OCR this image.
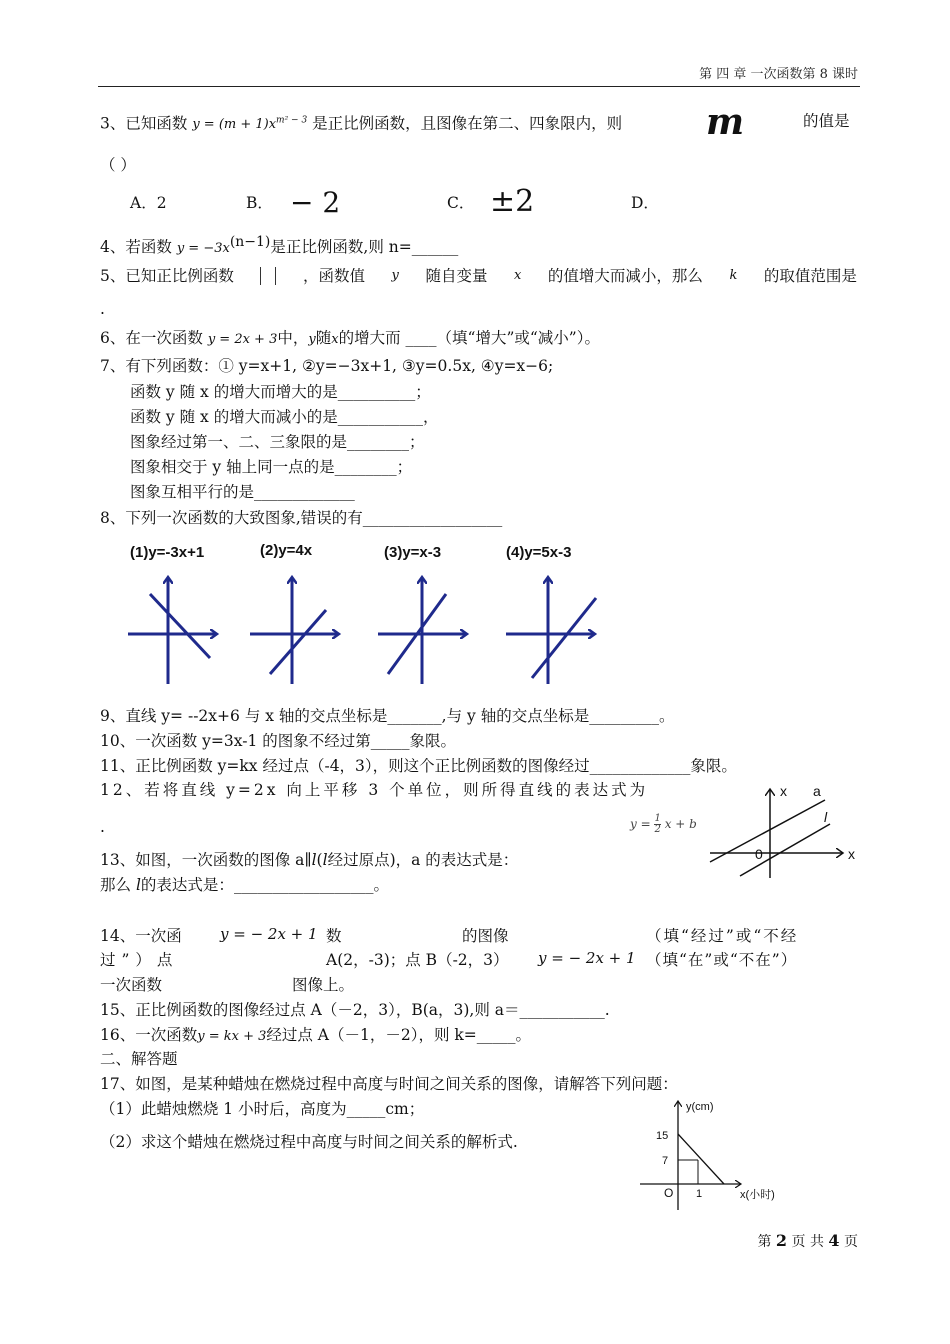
第 四 章 一次函数第 8 课时
3、已知函数 $y = (m + 1)x^{m^2 - 3}$ 是正比例函数，且图像在第二、四象限内，则 m	的值是
（ ）
A．2	B． − 2	C． ±2	D．
4、若函数 y = −3x(n−1)是正比例函数,则 n=______
5、已知正比例函数	，函数值 y 随自变量 x 的值增大而减小，那么 k 的取值范围是
.
6、在一次函数 y = 2x + 3中，y随x的增大而 ____（填“增大”或“减小”）。
7、有下列函数：① y=x+1, ②y=−3x+1, ③y=0.5x, ④y=x−6;
函数 y 随 x 的增大而增大的是__________；
函数 y 随 x 的增大而减小的是___________，
图象经过第一、二、三象限的是________；
图象相交于 y 轴上同一点的是________；
图象互相平行的是_____________
8、下列一次函数的大致图象,错误的有__________________
(1)y=-3x+1	(2)y=4x	(3)y=x-3	(4)y=5x-3
9、直线 y= --2x+6 与 x 轴的交点坐标是_______,与 y 轴的交点坐标是_________。
10、一次函数 y=3x-1 的图象不经过第_____象限。
11、正比例函数 y=kx 经过点（-4，3），则这个正比例函数的图像经过_____________象限。
12、若将直线 y=2x 向上平移 3 个单位，则所得直线的表达式为
.	$y = \frac{1}{2}$ x + b
x a
l
0	x
13、如图，一次函数的图像 a∥l(l经过原点)，a 的表达式是：
那么 l的表达式是：__________________。
14、一次函	y = − 2x + 1 数	的图像	（填“经过”或“不经
过”）点	A(2，-3)；点 B（-2，3） y = − 2x + 1 （填“在”或“不在”）
一次函数	图像上。
15、正比例函数的图像经过点 A（－2，3），B(a，3),则 a＝___________.
16、一次函数y = kx + 3经过点 A（－1，－2），则 k=_____。
二、解答题
17、如图，是某种蜡烛在燃烧过程中高度与时间之间关系的图像，请解答下列问题：
（1）此蜡烛燃烧 1 小时后，高度为_____cm；
（2）求这个蜡烛在燃烧过程中高度与时间之间关系的解析式.
y(cm)
15
7
O 1	x(小时)
第 2 页 共 4 页
